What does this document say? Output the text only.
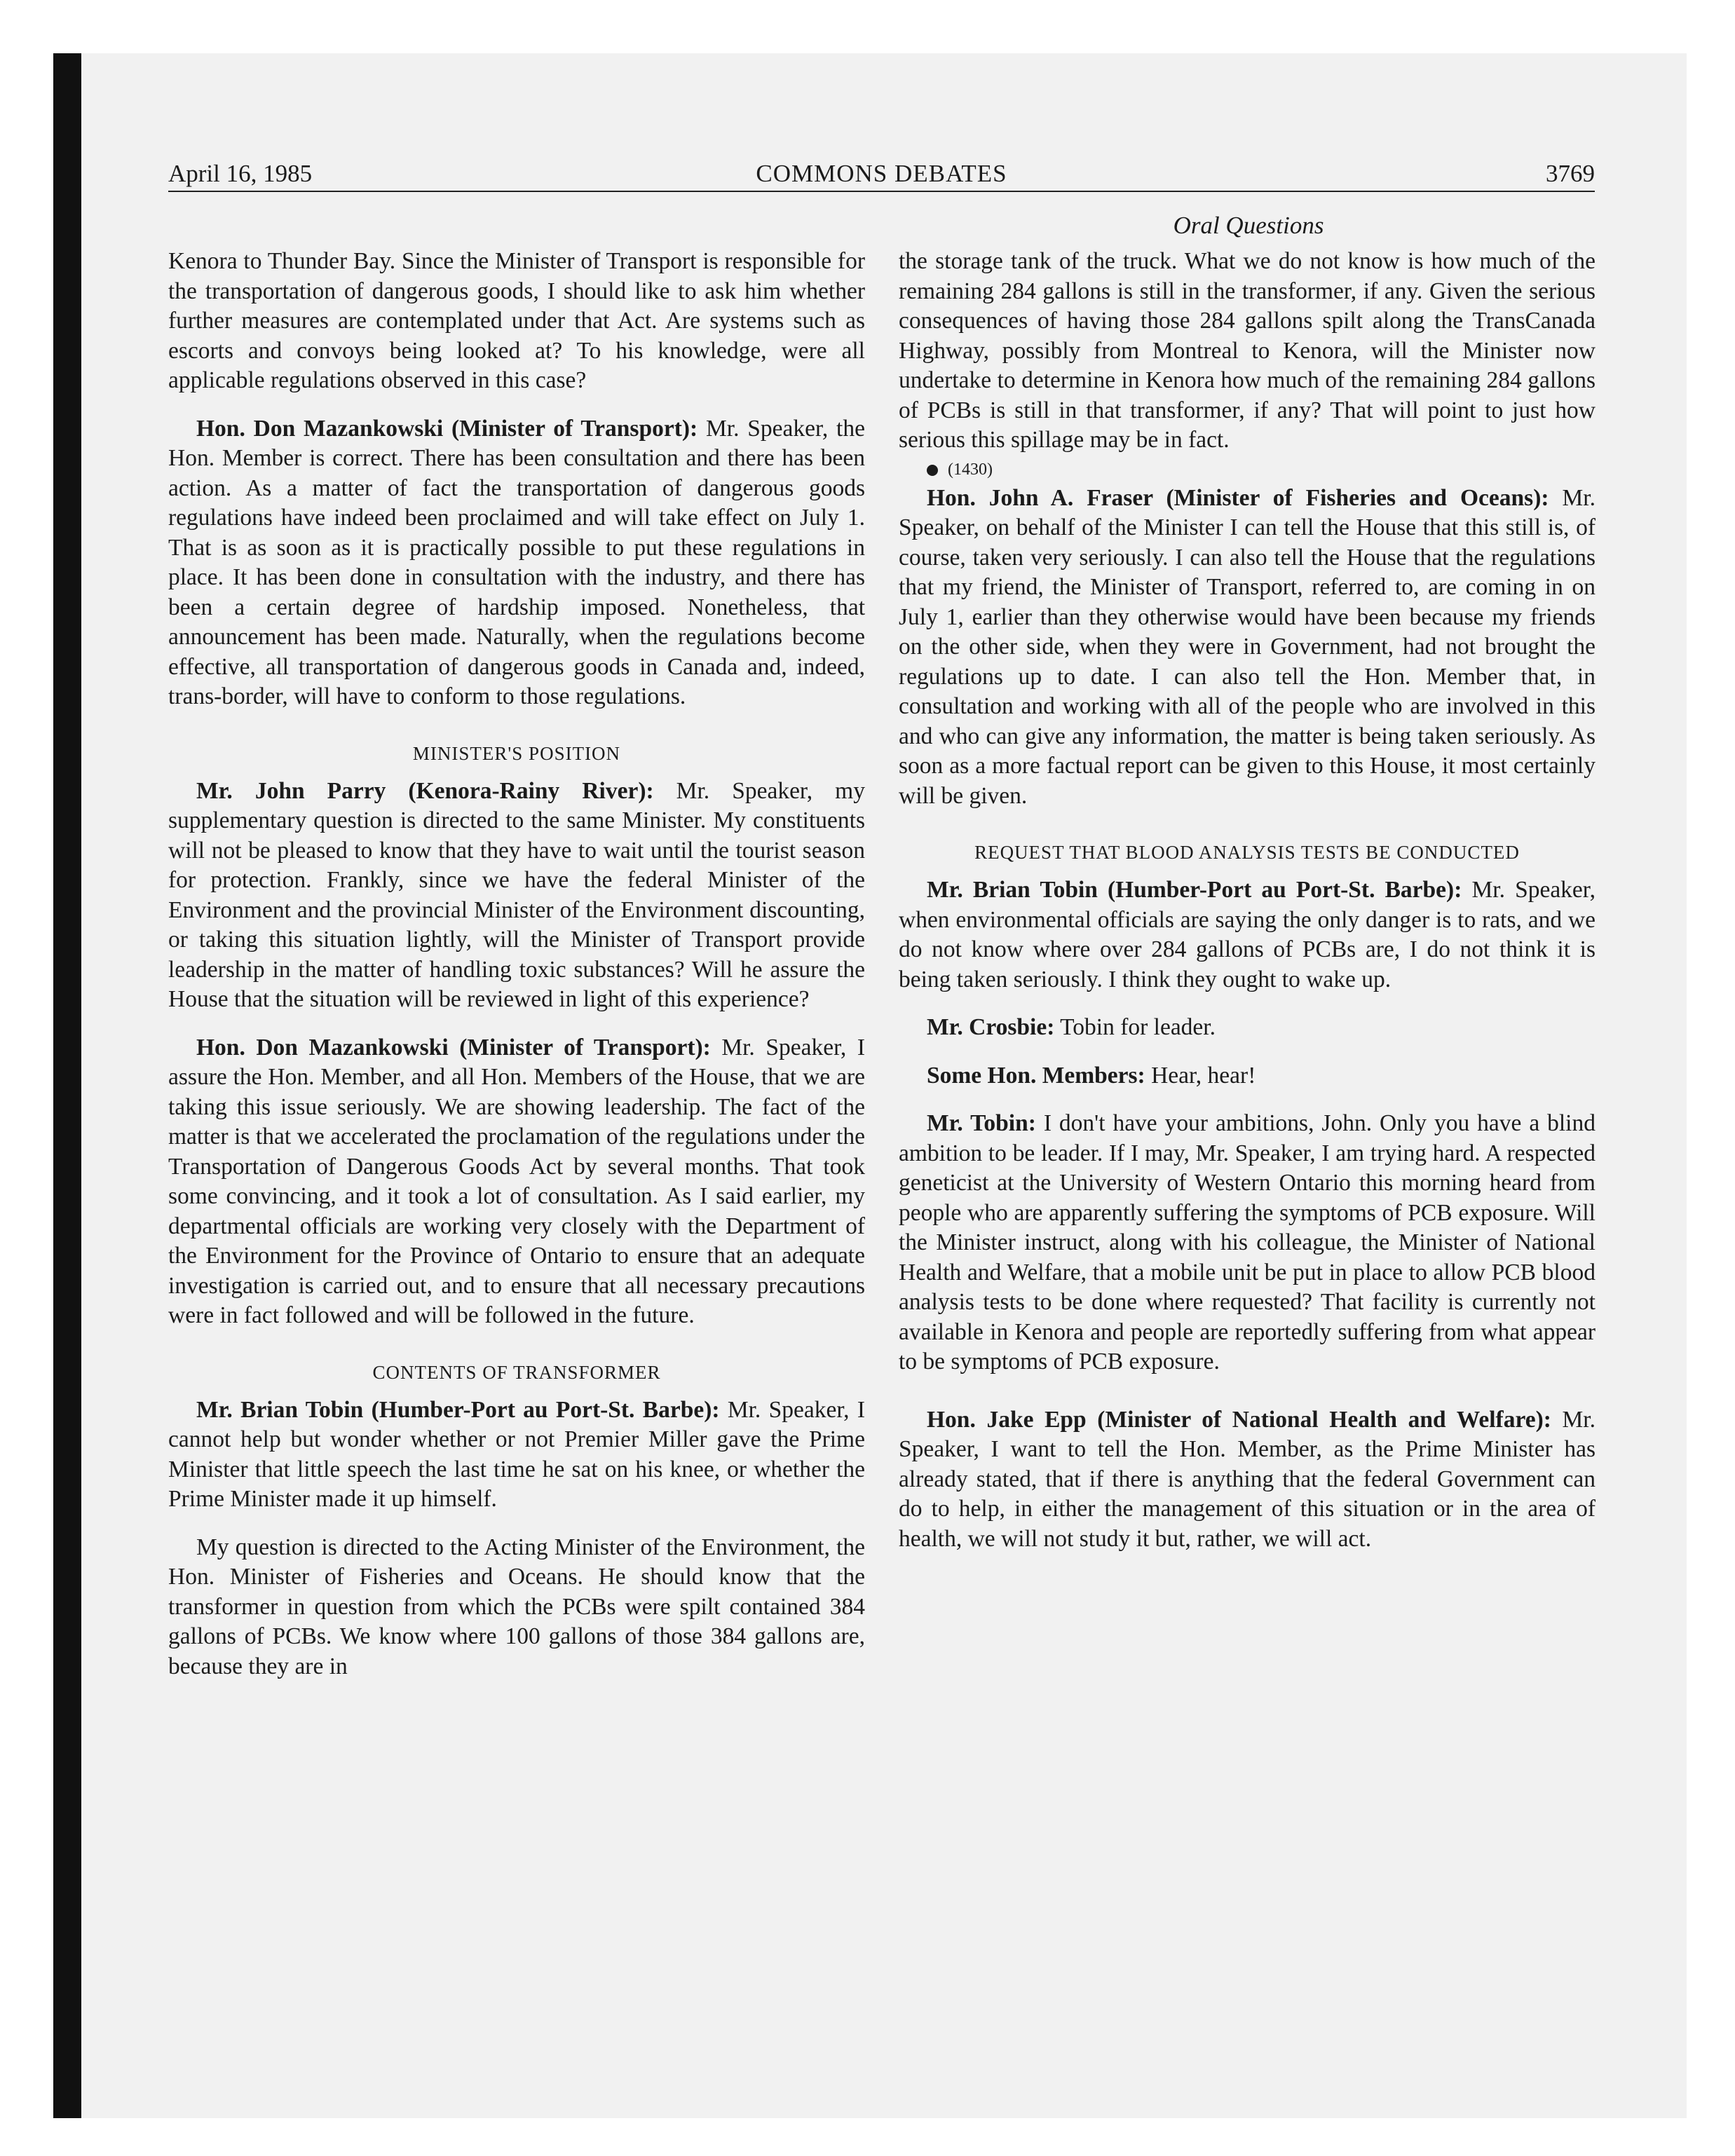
April 16, 1985	COMMONS DEBATES	3769
Oral Questions

Kenora to Thunder Bay. Since the Minister of Transport is responsible for the transportation of dangerous goods, I should like to ask him whether further measures are contemplated under that Act. Are systems such as escorts and convoys being looked at? To his knowledge, were all applicable regulations observed in this case?

Hon. Don Mazankowski (Minister of Transport): Mr. Speaker, the Hon. Member is correct. There has been consultation and there has been action. As a matter of fact the transportation of dangerous goods regulations have indeed been proclaimed and will take effect on July 1. That is as soon as it is practically possible to put these regulations in place. It has been done in consultation with the industry, and there has been a certain degree of hardship imposed. Nonetheless, that announcement has been made. Naturally, when the regulations become effective, all transportation of dangerous goods in Canada and, indeed, trans-border, will have to conform to those regulations.

MINISTER'S POSITION

Mr. John Parry (Kenora-Rainy River): Mr. Speaker, my supplementary question is directed to the same Minister. My constituents will not be pleased to know that they have to wait until the tourist season for protection. Frankly, since we have the federal Minister of the Environment and the provincial Minister of the Environment discounting, or taking this situation lightly, will the Minister of Transport provide leadership in the matter of handling toxic substances? Will he assure the House that the situation will be reviewed in light of this experience?

Hon. Don Mazankowski (Minister of Transport): Mr. Speaker, I assure the Hon. Member, and all Hon. Members of the House, that we are taking this issue seriously. We are showing leadership. The fact of the matter is that we accelerated the proclamation of the regulations under the Transportation of Dangerous Goods Act by several months. That took some convincing, and it took a lot of consultation. As I said earlier, my departmental officials are working very closely with the Department of the Environment for the Province of Ontario to ensure that an adequate investigation is carried out, and to ensure that all necessary precautions were in fact followed and will be followed in the future.

CONTENTS OF TRANSFORMER

Mr. Brian Tobin (Humber-Port au Port-St. Barbe): Mr. Speaker, I cannot help but wonder whether or not Premier Miller gave the Prime Minister that little speech the last time he sat on his knee, or whether the Prime Minister made it up himself.

My question is directed to the Acting Minister of the Environment, the Hon. Minister of Fisheries and Oceans. He should know that the transformer in question from which the PCBs were spilt contained 384 gallons of PCBs. We know where 100 gallons of those 384 gallons are, because they are in

the storage tank of the truck. What we do not know is how much of the remaining 284 gallons is still in the transformer, if any. Given the serious consequences of having those 284 gallons spilt along the TransCanada Highway, possibly from Montreal to Kenora, will the Minister now undertake to determine in Kenora how much of the remaining 284 gallons of PCBs is still in that transformer, if any? That will point to just how serious this spillage may be in fact.

(1430)

Hon. John A. Fraser (Minister of Fisheries and Oceans): Mr. Speaker, on behalf of the Minister I can tell the House that this still is, of course, taken very seriously. I can also tell the House that the regulations that my friend, the Minister of Transport, referred to, are coming in on July 1, earlier than they otherwise would have been because my friends on the other side, when they were in Government, had not brought the regulations up to date. I can also tell the Hon. Member that, in consultation and working with all of the people who are involved in this and who can give any information, the matter is being taken seriously. As soon as a more factual report can be given to this House, it most certainly will be given.

REQUEST THAT BLOOD ANALYSIS TESTS BE CONDUCTED

Mr. Brian Tobin (Humber-Port au Port-St. Barbe): Mr. Speaker, when environmental officials are saying the only danger is to rats, and we do not know where over 284 gallons of PCBs are, I do not think it is being taken seriously. I think they ought to wake up.

Mr. Crosbie: Tobin for leader.

Some Hon. Members: Hear, hear!

Mr. Tobin: I don't have your ambitions, John. Only you have a blind ambition to be leader. If I may, Mr. Speaker, I am trying hard. A respected geneticist at the University of Western Ontario this morning heard from people who are apparently suffering the symptoms of PCB exposure. Will the Minister instruct, along with his colleague, the Minister of National Health and Welfare, that a mobile unit be put in place to allow PCB blood analysis tests to be done where requested? That facility is currently not available in Kenora and people are reportedly suffering from what appear to be symptoms of PCB exposure.

Hon. Jake Epp (Minister of National Health and Welfare): Mr. Speaker, I want to tell the Hon. Member, as the Prime Minister has already stated, that if there is anything that the federal Government can do to help, in either the management of this situation or in the area of health, we will not study it but, rather, we will act.
